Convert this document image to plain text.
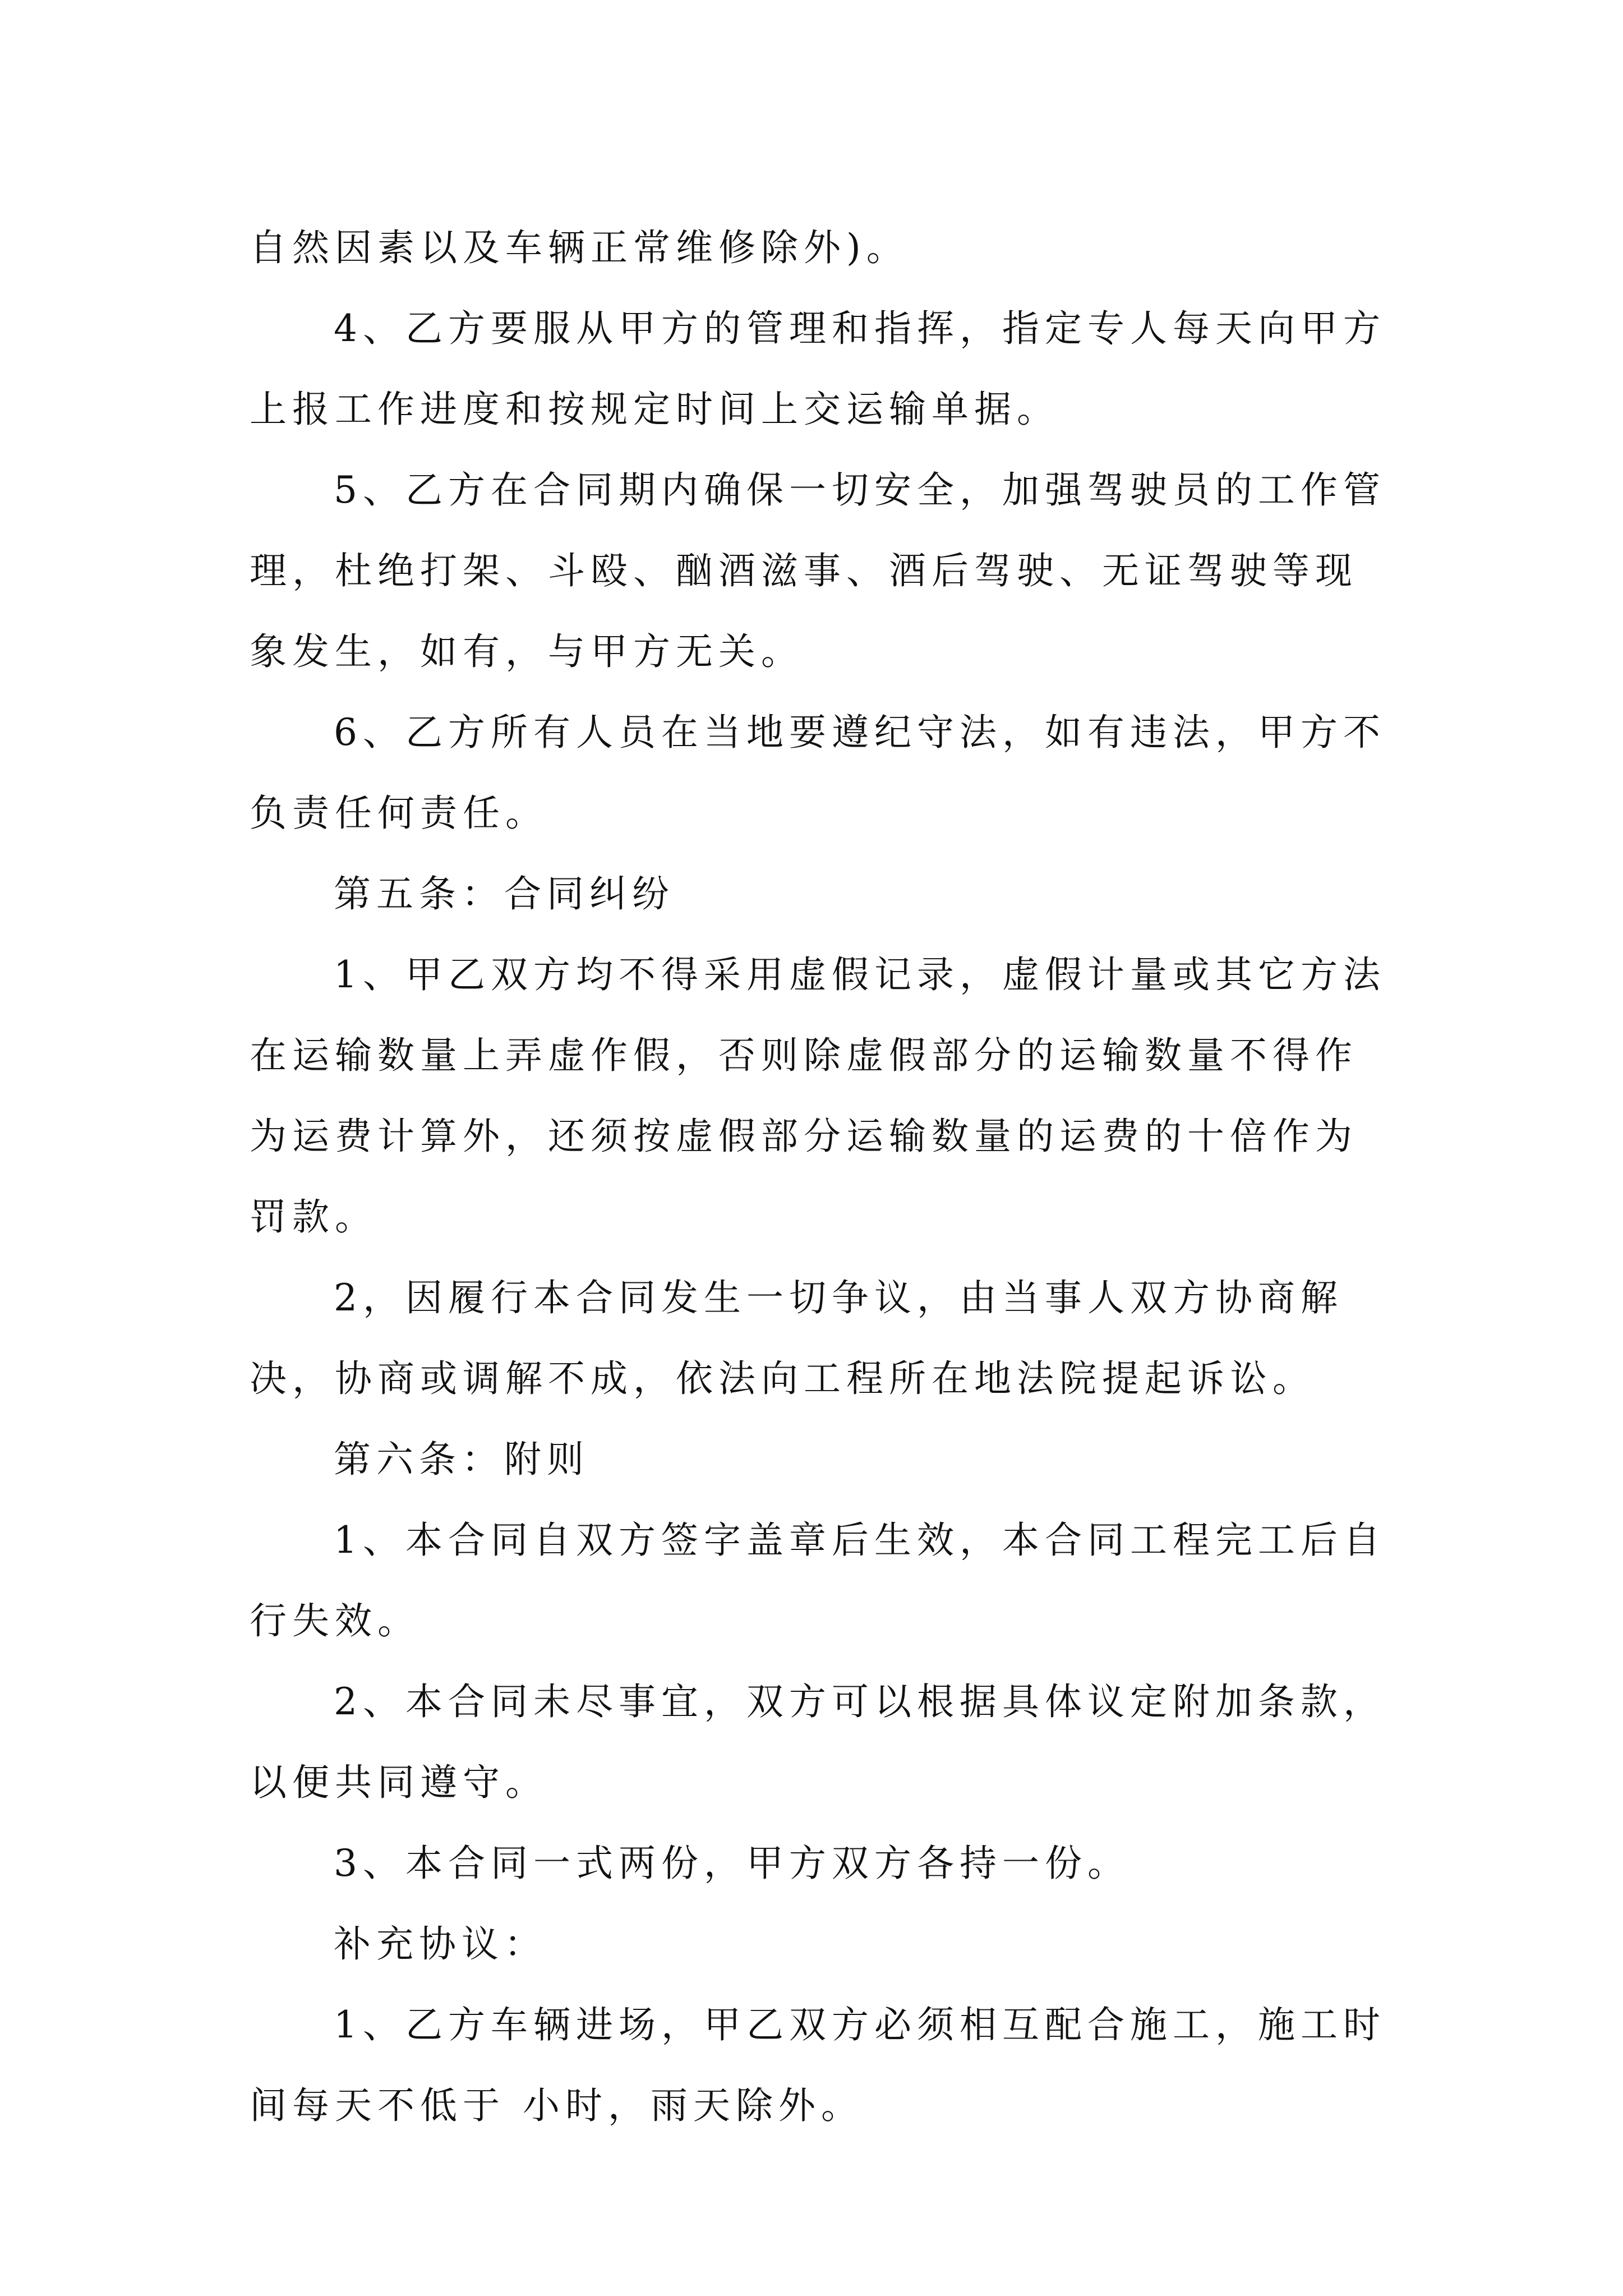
自然因素以及车辆正常维修除外)。

4、乙方要服从甲方的管理和指挥，指定专人每天向甲方上报工作进度和按规定时间上交运输单据。

5、乙方在合同期内确保一切安全，加强驾驶员的工作管理，杜绝打架、斗殴、酗酒滋事、酒后驾驶、无证驾驶等现象发生，如有，与甲方无关。

6、乙方所有人员在当地要遵纪守法，如有违法，甲方不负责任何责任。

第五条：合同纠纷

1、甲乙双方均不得采用虚假记录，虚假计量或其它方法在运输数量上弄虚作假，否则除虚假部分的运输数量不得作为运费计算外，还须按虚假部分运输数量的运费的十倍作为罚款。

2，因履行本合同发生一切争议，由当事人双方协商解决，协商或调解不成，依法向工程所在地法院提起诉讼。

第六条：附则

1、本合同自双方签字盖章后生效，本合同工程完工后自行失效。

2、本合同未尽事宜，双方可以根据具体议定附加条款，以便共同遵守。

3、本合同一式两份，甲方双方各持一份。

补充协议：

1、乙方车辆进场，甲乙双方必须相互配合施工，施工时间每天不低于 小时，雨天除外。
